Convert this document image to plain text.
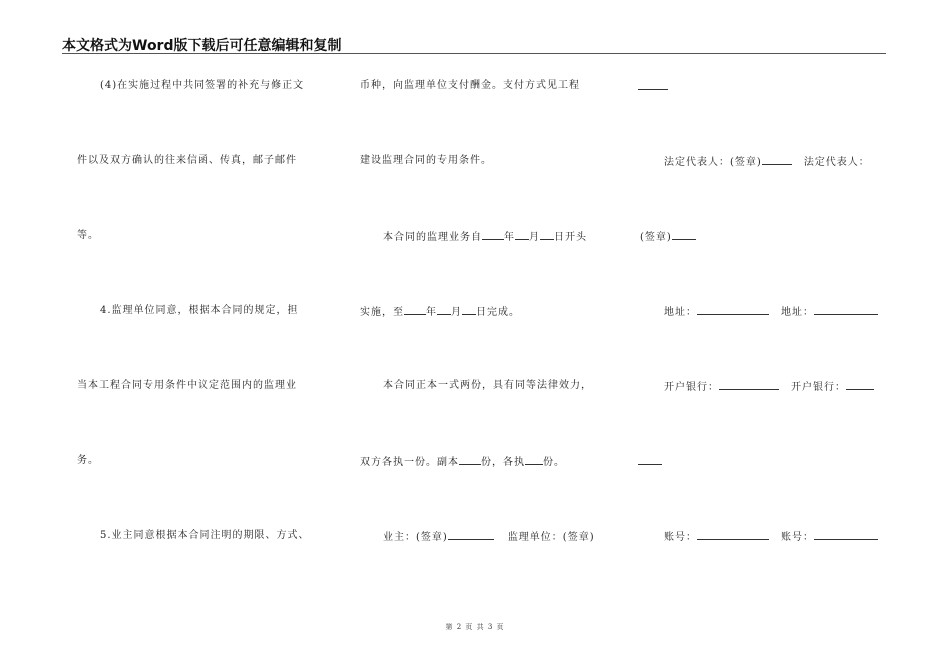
本文格式为Word版下载后可任意编辑和复制
(4)在实施过程中共同签署的补充与修正文
件以及双方确认的往来信函、传真，邮子邮件
等。
4.监理单位同意，根据本合同的规定，担
当本工程合同专用条件中议定范围内的监理业
务。
5.业主同意根据本合同注明的期限、方式、
币种，向监理单位支付酬金。支付方式见工程
建设监理合同的专用条件。
本合同的监理业务自 年 月 日开头
实施，至 年 月 日完成。
本合同正本一式两份，具有同等法律效力，
双方各执一份。副本 份，各执 份。
业主：(签章)	监理单位：(签章)
法定代表人：(签章)	法定代表人：
(签章)
地址：	地址：
开户银行：	开户银行：
账号：	账号：
第 2 页 共 3 页
